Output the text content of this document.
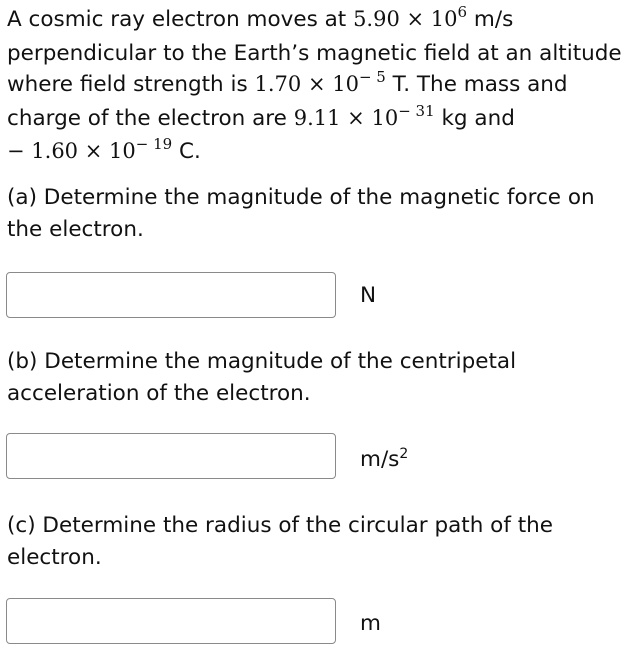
A cosmic ray electron moves at $5.90 \times 10^6$ m/s perpendicular to the Earth’s magnetic field at an altitude where field strength is $1.70 \times 10^{- 5}$ T. The mass and charge of the electron are $9.11 \times 10^{- 31}$ kg and
− $1.60 \times 10^{- 19}$ C.
(a) Determine the magnitude of the magnetic force on the electron.
N
(b) Determine the magnitude of the centripetal acceleration of the electron.
$m/s^2$
(c) Determine the radius of the circular path of the electron.
m
